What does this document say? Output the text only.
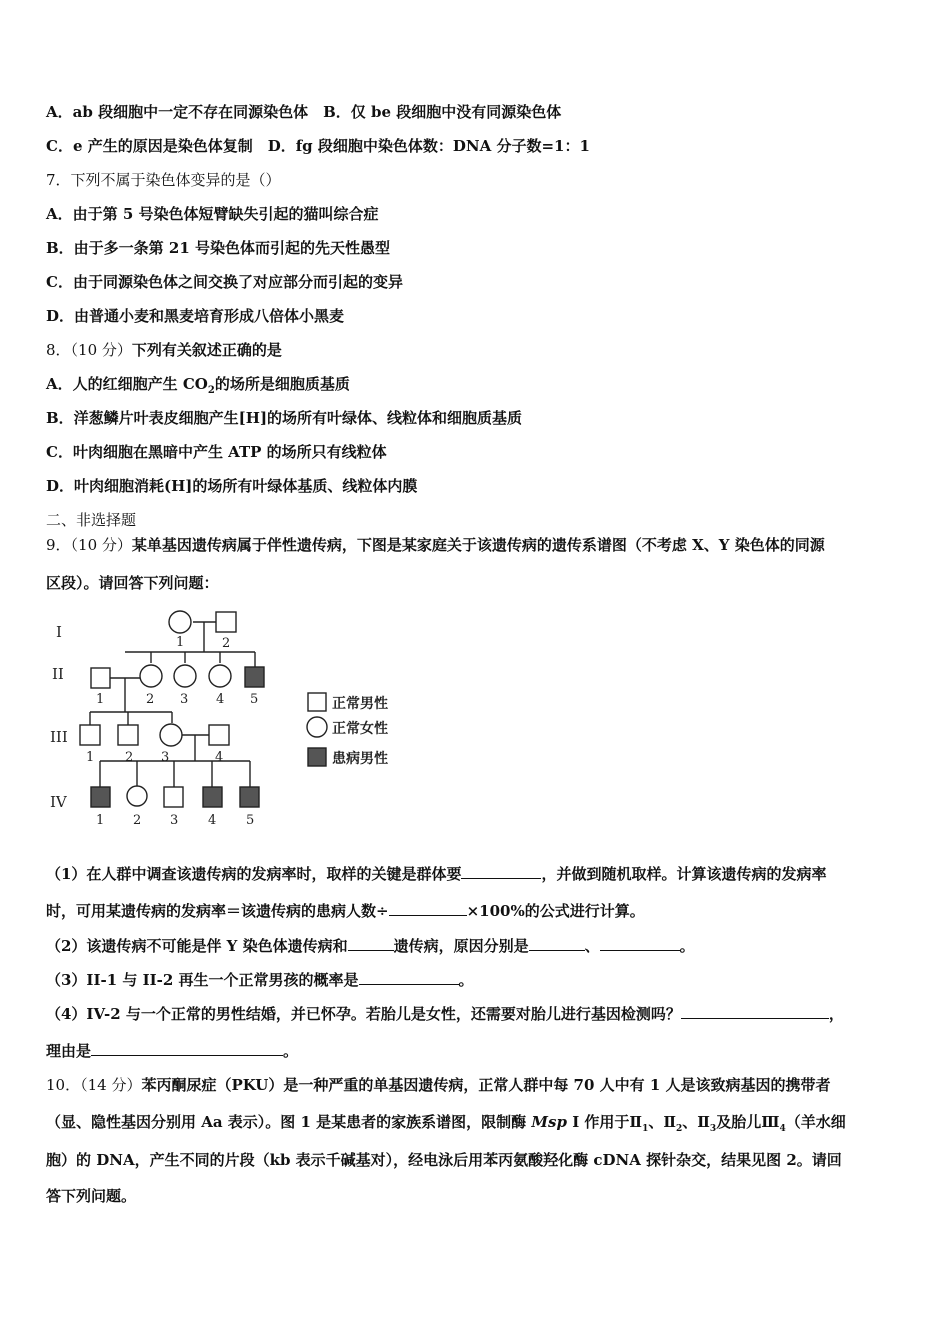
A．ab 段细胞中一定不存在同源染色体　B．仅 be 段细胞中没有同源染色体
C．e 产生的原因是染色体复制　D．fg 段细胞中染色体数：DNA 分子数=1：1
7．下列不属于染色体变异的是（）
A．由于第 5 号染色体短臂缺失引起的猫叫综合症
B．由于多一条第 21 号染色体而引起的先天性愚型
C．由于同源染色体之间交换了对应部分而引起的变异
D．由普通小麦和黑麦培育形成八倍体小黑麦
8．（10 分）下列有关叙述正确的是
A．人的红细胞产生 $CO_2$的场所是细胞质基质
B．洋葱鳞片叶表皮细胞产生[H]的场所有叶绿体、线粒体和细胞质基质
C．叶肉细胞在黑暗中产生 ATP 的场所只有线粒体
D．叶肉细胞消耗(H]的场所有叶绿体基质、线粒体内膜
二、非选择题
9．（10 分）某单基因遗传病属于伴性遗传病，下图是某家庭关于该遗传病的遗传系谱图（不考虑 X、Y 染色体的同源
区段）。请回答下列问题：
I
II
III
IV
1	2
1	2 3 4 5
1 2 3	4
1 2 3 4 5
正常男性
正常女性
患病男性
（1）在人群中调查该遗传病的发病率时，取样的关键是群体要	，并做到随机取样。计算该遗传病的发病率
时，可用某遗传病的发病率＝该遗传病的患病人数÷	×100%的公式进行计算。
（2）该遗传病不可能是伴 Y 染色体遗传病和	遗传病，原因分别是	、	。
（3）II-1 与 II-2 再生一个正常男孩的概率是	。
（4）IV-2 与一个正常的男性结婚，并已怀孕。若胎儿是女性，还需要对胎儿进行基因检测吗？	，
理由是	。
10．（14 分）苯丙酮尿症（PKU）是一种严重的单基因遗传病，正常人群中每 70 人中有 1 人是该致病基因的携带者
（显、隐性基因分别用 Aa 表示）。图 1 是某患者的家族系谱图，限制酶 Msp I 作用于$Ⅱ_1$、$Ⅱ_2$、$Ⅱ_3$及胎儿$Ⅲ_4$（羊水细
胞）的 DNA，产生不同的片段（kb 表示千碱基对），经电泳后用苯丙氨酸羟化酶 cDNA 探针杂交，结果见图 2。请回
答下列问题。
